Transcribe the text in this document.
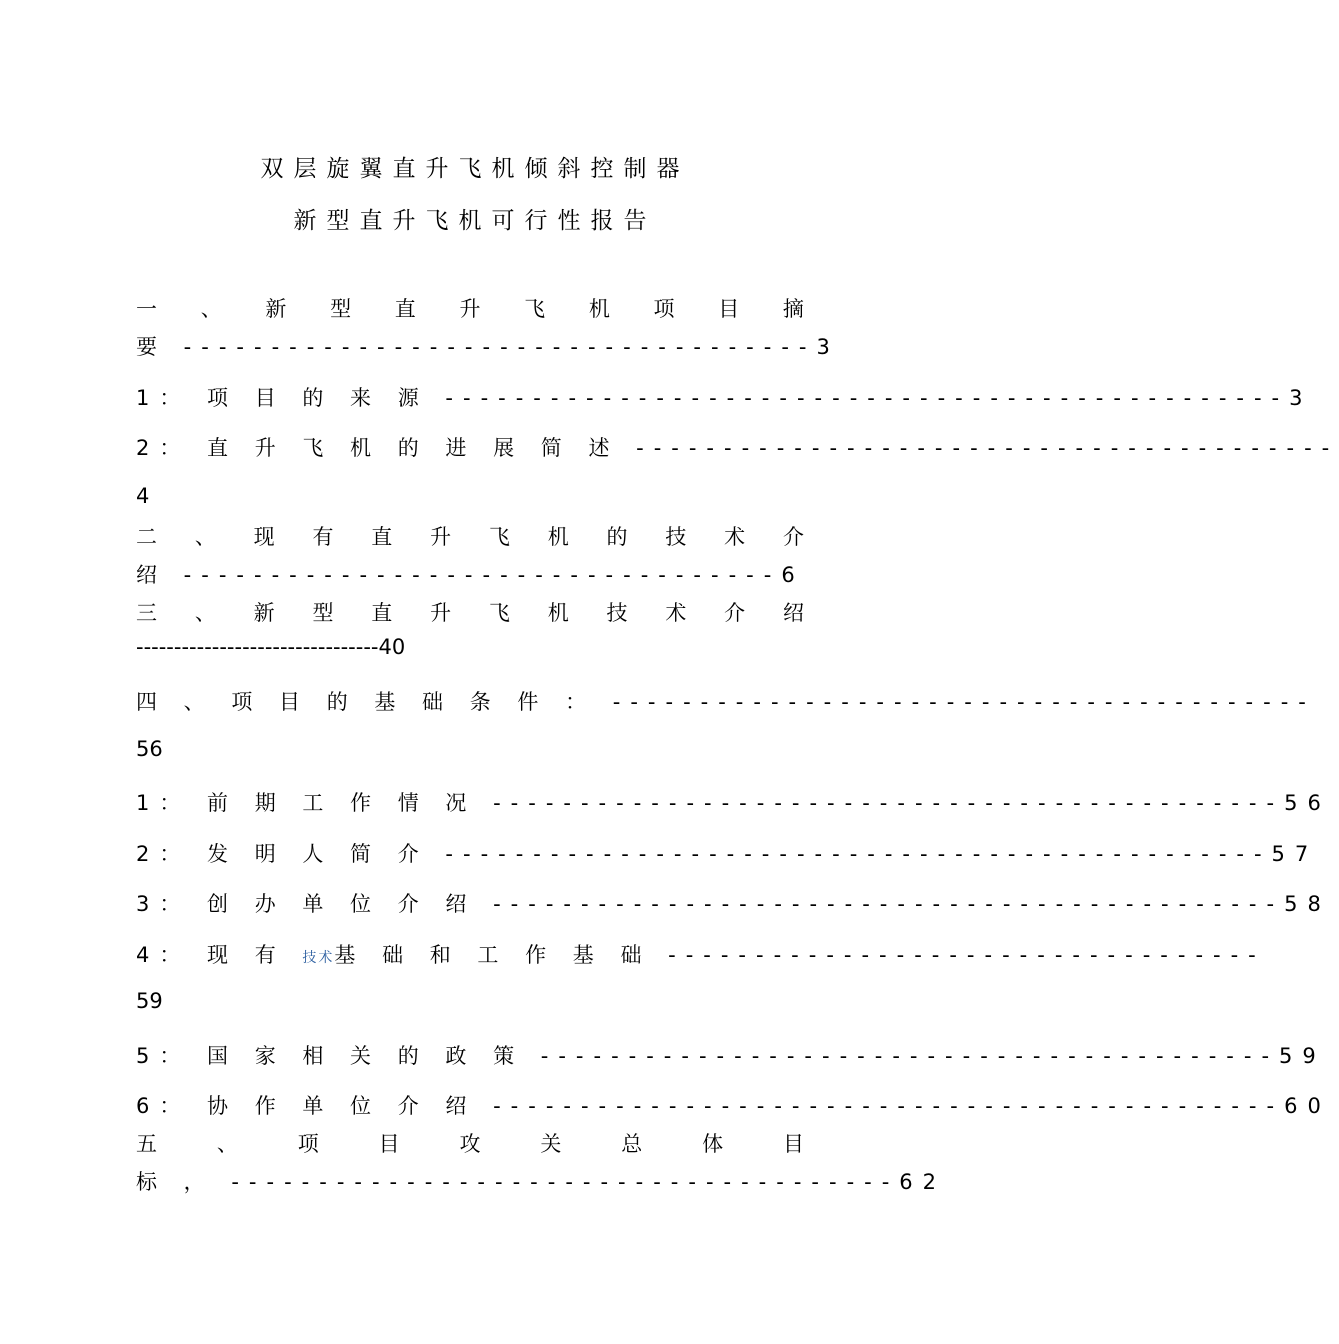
双层旋翼直升飞机倾斜控制器
新型直升飞机可行性报告
一 、 新 型 直 升 飞 机 项 目 摘
要 ------------------------------------3
1： 项 目 的 来 源 ------------------------------------------------3
2： 直 升 飞 机 的 进 展 简 述 ----------------------------------------
4
二 、 现 有 直 升 飞 机 的 技 术 介
绍 ----------------------------------6
三 、 新 型 直 升 飞 机 技 术 介 绍
--------------------------------40
四 、 项 目 的 基 础 条 件 ： ----------------------------------------
56
1： 前 期 工 作 情 况 ---------------------------------------------56
2： 发 明 人 简 介 -----------------------------------------------57
3： 创 办 单 位 介 绍 ---------------------------------------------58
4： 现 有 技术基 础 和 工 作 基 础 ----------------------------------
59
5： 国 家 相 关 的 政 策 ------------------------------------------59
6： 协 作 单 位 介 绍 ---------------------------------------------60
五	、	项	目	攻	关	总	体	目
标 ， --------------------------------------62
